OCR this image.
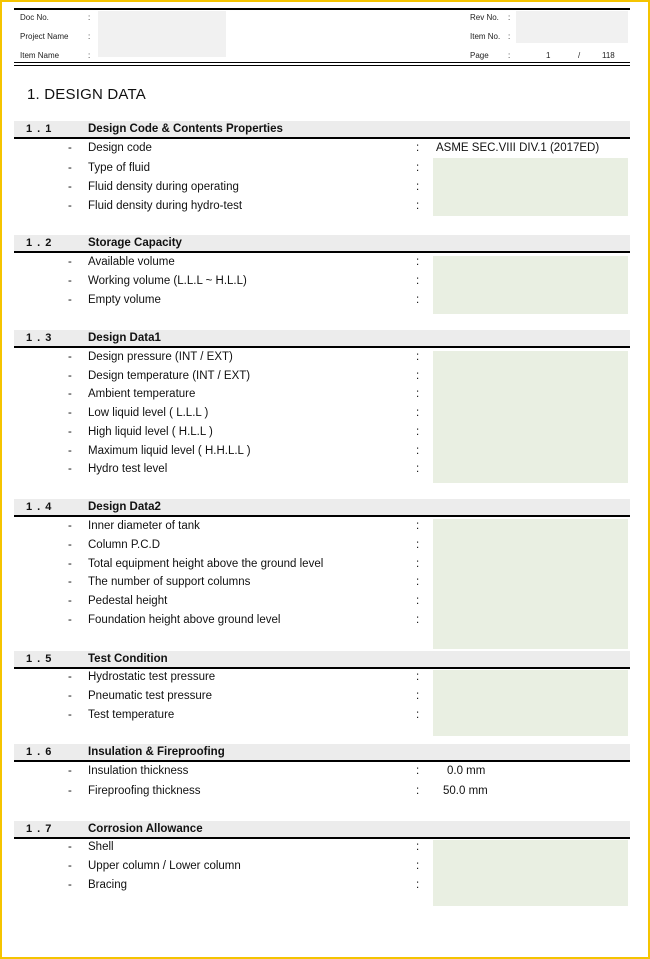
Doc No.	:
Project Name :
Item Name	:
Rev No. :
Item No. :
Page :	1	/	118
1. DESIGN DATA
1 . 1	Design Code & Contents Properties
- Design code	: ASME SEC.VIII DIV.1 (2017ED)
- Type of fluid	:
- Fluid density during operating	:
- Fluid density during hydro-test	:
1 . 2	Storage Capacity
- Available volume	:
- Working volume (L.L.L ~ H.L.L)	:
- Empty volume	:
1 . 3	Design Data1
- Design pressure (INT / EXT)	:
- Design temperature (INT / EXT)	:
- Ambient temperature	:
- Low liquid level ( L.L.L )	:
- High liquid level ( H.L.L )	:
- Maximum liquid level ( H.H.L.L )	:
- Hydro test level	:
1 . 4	Design Data2
- Inner diameter of tank	:
- Column P.C.D	:
- Total equipment height above the ground level	:
- The number of support columns	:
- Pedestal height	:
- Foundation height above ground level	:
1 . 5	Test Condition
- Hydrostatic test pressure	:
- Pneumatic test pressure	:
- Test temperature	:
1 . 6	Insulation & Fireproofing
- Insulation thickness	: 0.0 mm
- Fireproofing thickness	: 50.0 mm
1 . 7	Corrosion Allowance
- Shell	:
- Upper column / Lower column	:
- Bracing	:
